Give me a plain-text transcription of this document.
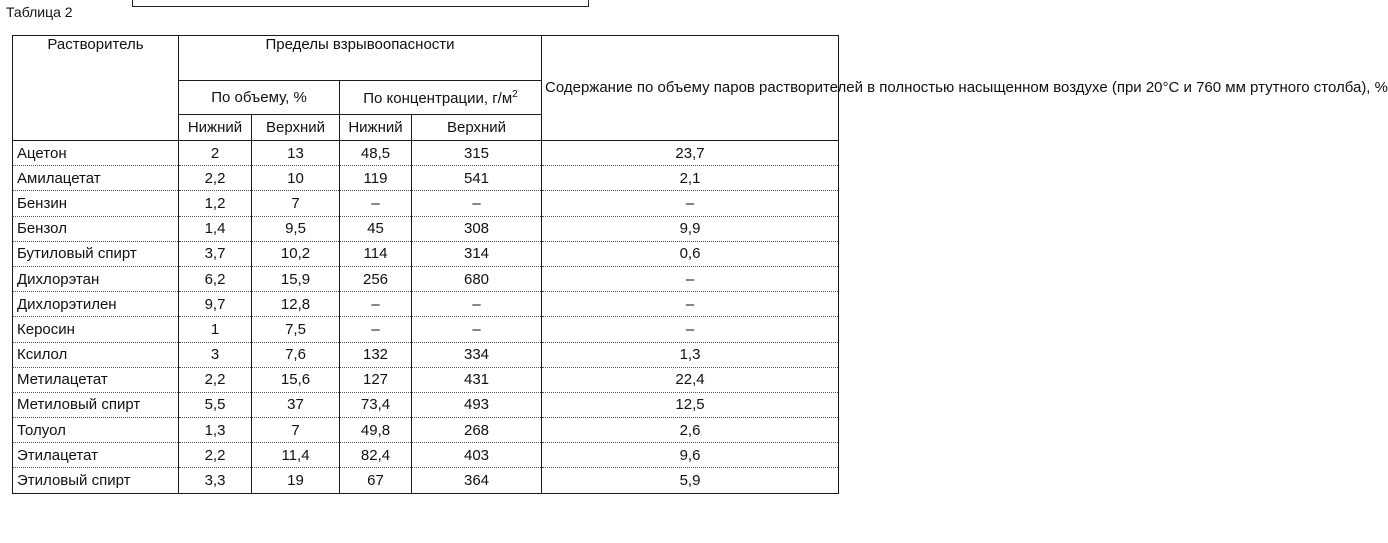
Таблица 2
Растворитель	Пределы взрывоопасности				Содержание по объему паров растворителей в полностью насыщенном воздухе (при 20°С и 760 мм ртутного столба), %
	По объему, %		По концентрации, $г/м^2$
	Нижний	Верхний	Нижний	Верхний	
Ацетон	2	13	48,5	315	23,7
Амилацетат	2,2	10	119	541	2,1
Бензин	1,2	7	–	–	–
Бензол	1,4	9,5	45	308	9,9
Бутиловый спирт	3,7	10,2	114	314	0,6
Дихлорэтан	6,2	15,9	256	680	–
Дихлорэтилен	9,7	12,8	–	–	–
Керосин	1	7,5	–	–	–
Ксилол	3	7,6	132	334	1,3
Метилацетат	2,2	15,6	127	431	22,4
Метиловый спирт	5,5	37	73,4	493	12,5
Толуол	1,3	7	49,8	268	2,6
Этилацетат	2,2	11,4	82,4	403	9,6
Этиловый спирт	3,3	19	67	364	5,9
